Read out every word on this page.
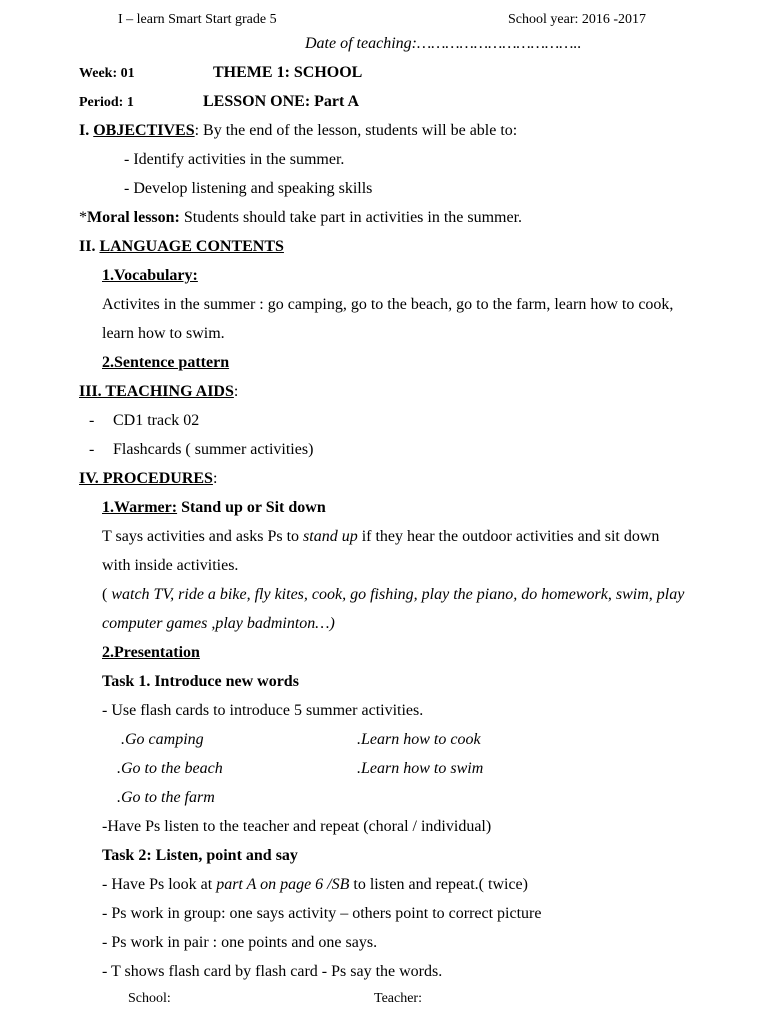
I – learn Smart Start grade 5	School year: 2016 -2017
Date of teaching:……………………………..
Week: 01	THEME 1: SCHOOL
Period: 1	LESSON ONE: Part A
I. OBJECTIVES: By the end of the lesson, students will be able to:
- Identify activities in the summer.
- Develop listening and speaking skills
*Moral lesson: Students should take part in activities in the summer.
II. LANGUAGE CONTENTS
1.Vocabulary:
Activites in the summer : go camping, go to the beach, go to the farm, learn how to cook,
learn how to swim.
2.Sentence pattern
III. TEACHING AIDS:
- CD1 track 02
- Flashcards ( summer activities)
IV. PROCEDURES:
1.Warmer: Stand up or Sit down
T says activities and asks Ps to stand up if they hear the outdoor activities and sit down
with inside activities.
( watch TV, ride a bike, fly kites, cook, go fishing, play the piano, do homework, swim, play
computer games ,play badminton…)
2.Presentation
Task 1. Introduce new words
- Use flash cards to introduce 5 summer activities.
.Go camping	.Learn how to cook
.Go to the beach	.Learn how to swim
.Go to the farm
-Have Ps listen to the teacher and repeat (choral / individual)
Task 2: Listen, point and say
- Have Ps look at part A on page 6 /SB to listen and repeat.( twice)
- Ps work in group: one says activity – others point to correct picture
- Ps work in pair : one points and one says.
- T shows flash card by flash card - Ps say the words.
School:	Teacher:
